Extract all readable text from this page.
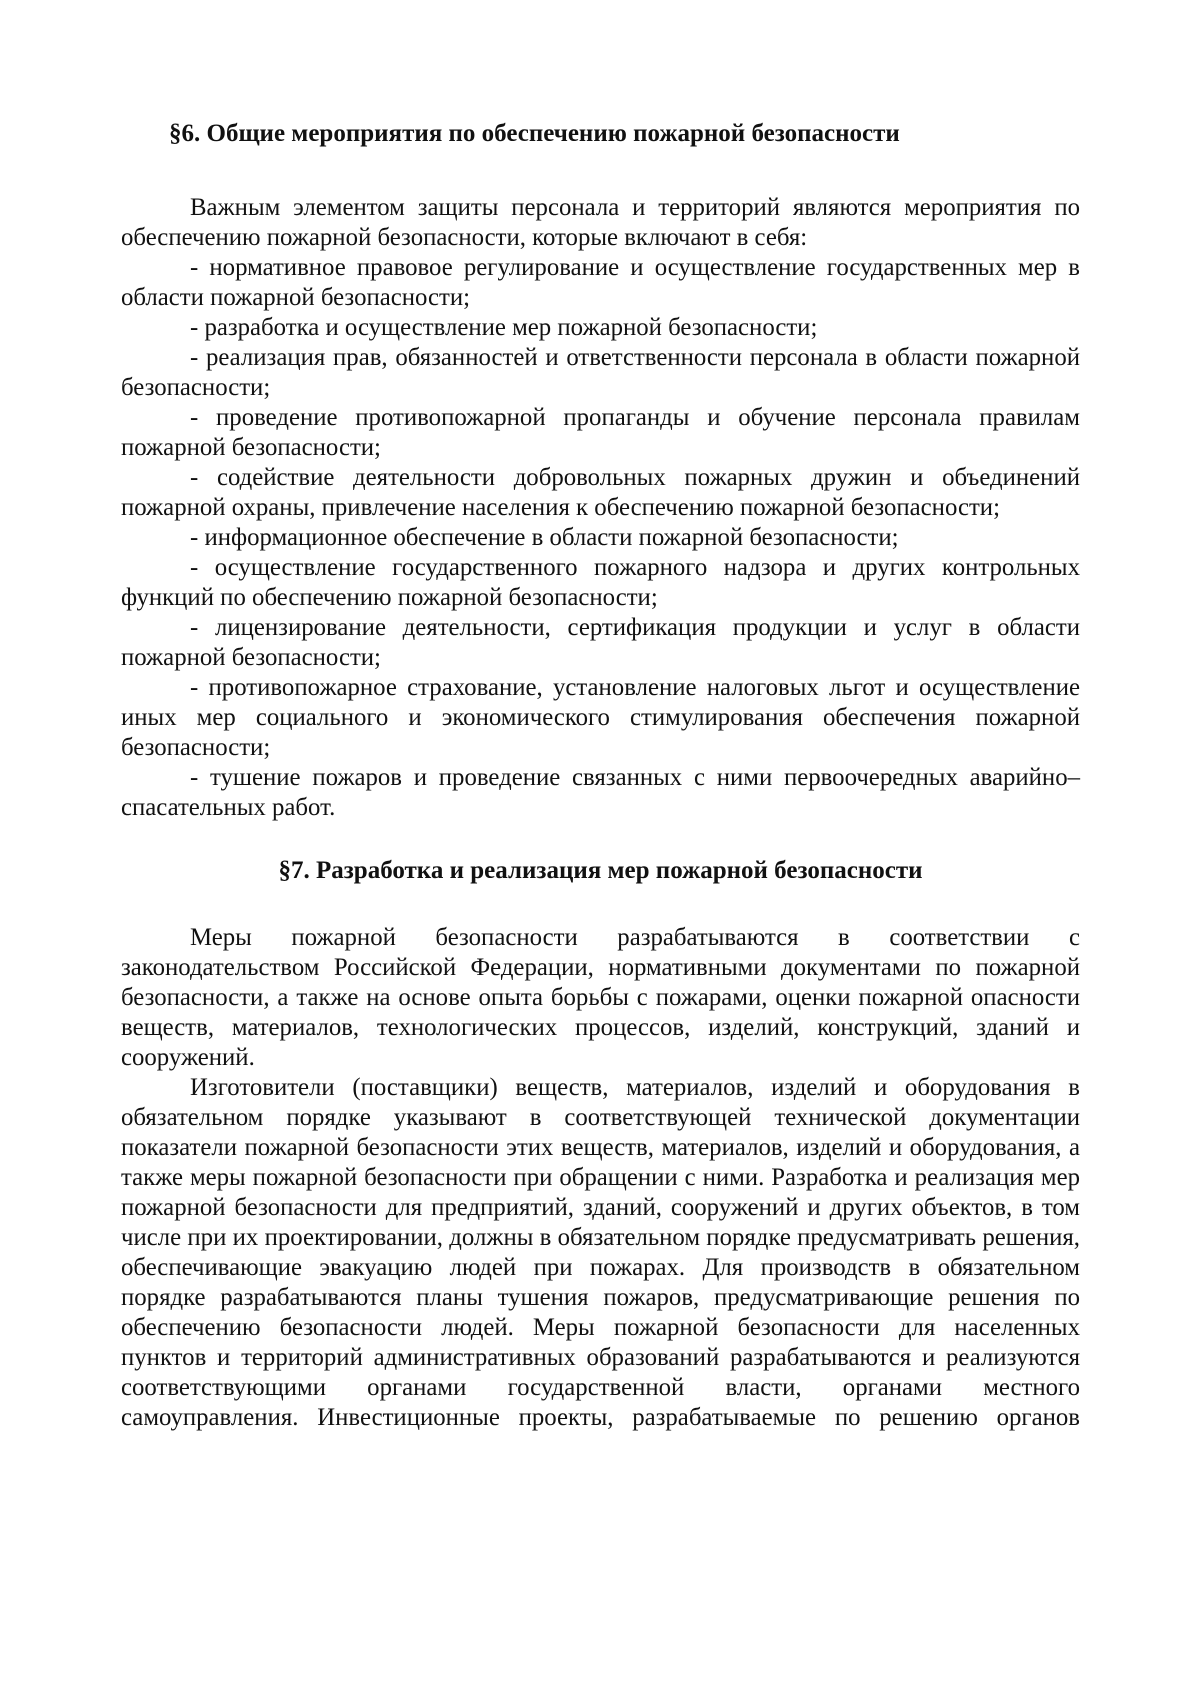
§6. Общие мероприятия по обеспечению пожарной безопасности

Важным элементом защиты персонала и территорий являются мероприятия по обеспечению пожарной безопасности, которые включают в себя:

- нормативное правовое регулирование и осуществление государственных мер в области пожарной безопасности;

- разработка и осуществление мер пожарной безопасности;

- реализация прав, обязанностей и ответственности персонала в области пожарной безопасности;

- проведение противопожарной пропаганды и обучение персонала правилам пожарной безопасности;

- содействие деятельности добровольных пожарных дружин и объединений пожарной охраны, привлечение населения к обеспечению пожарной безопасности;

- информационное обеспечение в области пожарной безопасности;

- осуществление государственного пожарного надзора и других контрольных функций по обеспечению пожарной безопасности;

- лицензирование деятельности, сертификация продукции и услуг в области пожарной безопасности;

- противопожарное страхование, установление налоговых льгот и осуществление иных мер социального и экономического стимулирования обеспечения пожарной безопасности;

- тушение пожаров и проведение связанных с ними первоочередных аварийно–спасательных работ.

§7. Разработка и реализация мер пожарной безопасности

Меры пожарной безопасности разрабатываются в соответствии с законодательством Российской Федерации, нормативными документами по пожарной безопасности, а также на основе опыта борьбы с пожарами, оценки пожарной опасности веществ, материалов, технологических процессов, изделий, конструкций, зданий и сооружений.

Изготовители (поставщики) веществ, материалов, изделий и оборудования в обязательном порядке указывают в соответствующей технической документации показатели пожарной безопасности этих веществ, материалов, изделий и оборудования, а также меры пожарной безопасности при обращении с ними. Разработка и реализация мер пожарной безопасности для предприятий, зданий, сооружений и других объектов, в том числе при их проектировании, должны в обязательном порядке предусматривать решения, обеспечивающие эвакуацию людей при пожарах. Для производств в обязательном порядке разрабатываются планы тушения пожаров, предусматривающие решения по обеспечению безопасности людей. Меры пожарной безопасности для населенных пунктов и территорий административных образований разрабатываются и реализуются соответствующими органами государственной власти, органами местного самоуправления. Инвестиционные проекты, разрабатываемые по решению органов
